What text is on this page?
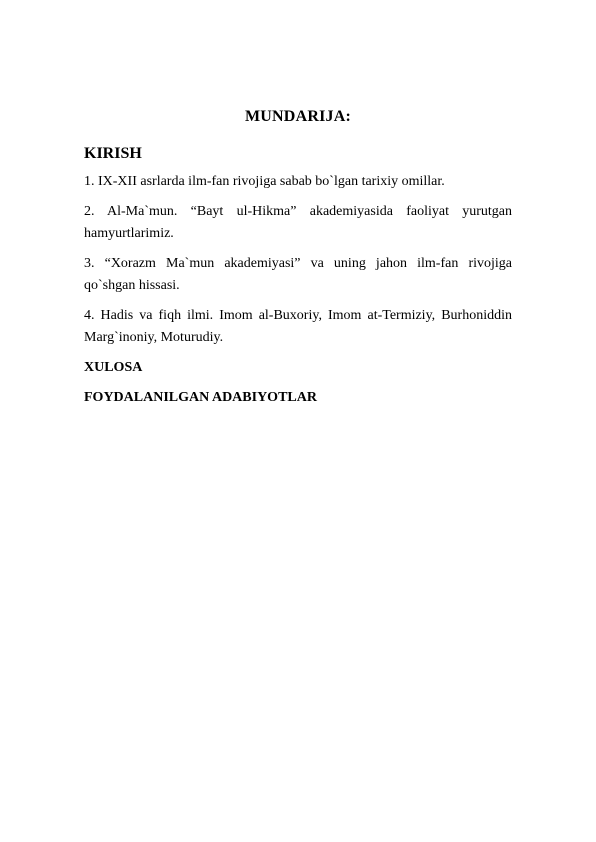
MUNDARIJA:
KIRISH
1. IX-XII asrlarda ilm-fan rivojiga sabab bo`lgan tarixiy omillar.
2. Al-Ma`mun. “Bayt ul-Hikma” akademiyasida faoliyat yurutgan hamyurtlarimiz.
3. “Xorazm Ma`mun akademiyasi” va uning jahon ilm-fan rivojiga qo`shgan hissasi.
4. Hadis va fiqh ilmi. Imom al-Buxoriy, Imom at-Termiziy, Burhoniddin Marg`inoniy, Moturudiy.
XULOSA
FOYDALANILGAN ADABIYOTLAR
